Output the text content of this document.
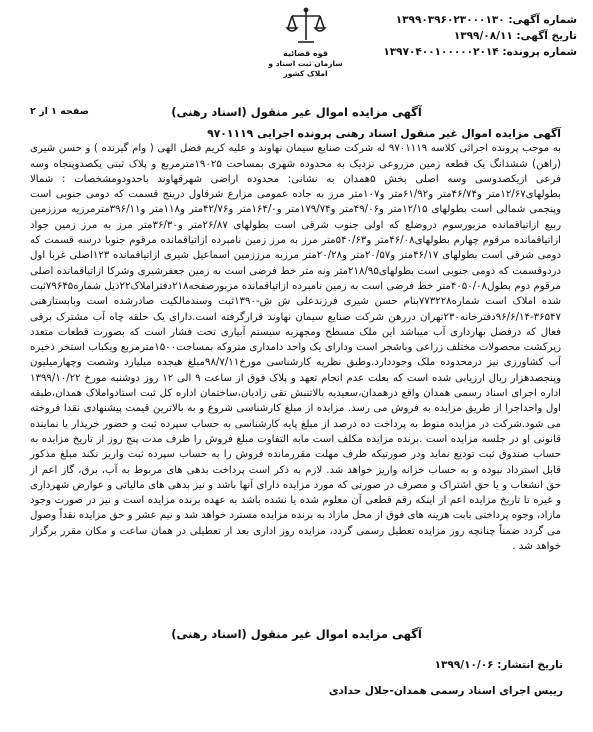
شماره آگهی: ۱۳۹۹۰۳۹۶۰۲۳۰۰۰۱۳۰
تاریخ آگهی: ۱۳۹۹/۰۸/۱۱
شماره پرونده: ۱۳۹۷۰۴۰۰۱۰۰۰۰۰۲۰۱۴
قوه قضائیه
سازمان ثبت اسناد و املاک کشور
صفحه ۱ از ۲	آگهی مزایده اموال غیر منقول (اسناد رهنی)
آگهی مزایده اموال غیر منقول اسناد رهنی پرونده اجرایی ۹۷۰۱۱۱۹

به موجب پرونده اجرائی کلاسه ۹۷۰۱۱۱۹ له شرکت صنایع سیمان نهاوند و علیه کریم فضل الهی ( وام گیرنده ) و حسن شیری (راهن) ششدانگ یک قطعه زمین مزروعی نزدیک به محدوده شهری بمساحت ۱۹۰۲۵مترمربع و پلاک ثبتی یکصدوپنجاه وسه فرعی ازیکصدوسی وسه اصلی بخش ۵همدان به نشانی: محدوده اراضی شهرقهاوند باحدودومشخصات : شمالا بطولهای۱۲/۶۷متر و۴۶/۷۴متر و۶۱/۹۲متر و۱۰۷متر مرز به جاده عمومی مزارع شرقاول درینج قسمت که دومی جنوبی است وپنجمی شمالی است بطولهای ۱۲/۱۵متر و۴۹/۰۶متر و۱۷۹/۷۴متر و۱۶۴/۰متر و۴۲/۷۶متر و۱۱۸متر و۳۹۶/۱۱مترمرزیه مرززمین ربیع ازاتیاقمانده مزبورسوم دروضلع که اولی جنوب شرقی است بطولهای ۲۶/۸۷متر و۳۶/۳۰متر مرز به مرز زمین جواد ازاتیاقمانده مرقوم چهارم بطولهای۴۶/۰۸متر و۵۴۰/۶۳متر مرز به مرز زمین نامبرده ازاتیاقمانده مرقوم جنوبا درسه قسمت که دومی شرقی است بطولهای ۴۶/۱۷متر و۲۰/۵۷متر و۲۰/۲۸متر مرزبه مرززمین اسماعیل شیری ازاتیاقمانده ۱۲۳اصلی غربا اول دردوقسمت که دومی جنوبی است بطولهای۲۱۸/۹۵متر ونه متر خط فرضی است به زمین جعفرشیری وشرکا ازاتیاقمانده اصلی مرقوم دوم بطول۴۰۵۰/۰۸متر خط فرضی است به زمین نامبرده ازاتیاقمانده مزبورصفحه۲۱۸دفتراملاک۲۲ذیل شماره۷۹۶۴۵ثبت شده املاک است شماره۷۷۳۲۲۸بنام حسن شیری فرزندعلی ش ش-۱۳۹۰ثبت وسندمالکیت صادرشده است وبابستارهنی ۳۶۵۴۷-۹۶/۶/۱۴دفترخانه۲۳۰تهران دررهن شرکت صنایع سیمان نهاوند قرارگرفته است.دارای یک حلقه چاه آب مشترک برقی فعال که درفصل بهارداری آب میباشد این ملک مسطح ومجهزبه سیستم آبیاری تحت فشار است که بصورت قطعات متعدد زیرکشت محصولات مختلف زراعی وباشجر است ودارای یک واحد دامداری متروکه بمساحت۱۵۰۰مترمربع ویکباب استخر ذخیره آب کشاورزی نیز درمحدوده ملک وجوددارد.وطبق نظریه کارشناسی مورخ۹۸/۷/۱۱مبلغ هیجده میلیارد وشصت وچهارمیلیون وپنجصدهزار ریال ارزیابی شده است که بعلت عدم انجام تعهد و پلاک فوق از ساعت ۹ الی ۱۲ روز دوشنبه مورخ ۱۳۹۹/۱۰/۲۲ اداره اجرای اسناد رسمی همدان واقع درهمدان،سعیدیه بالاتنبش تقی زادیان،ساختمان اداره کل ثبت استادواملاک همدان،طبقه اول واحداجرا از طریق مزایده به فروش می رسد. مزایده از مبلغ کارشناسی شروع و به بالاترین قیمت پیشنهادی نقدا فروخته می شود.شرکت در مزایده منوط به پرداخت ده درصد از مبلغ پایه کارشناسی به حساب سپرده ثبت و حضور خریدار یا نماینده قانونی او در جلسه مزایده است .برنده مزایده مکلف است مابه التفاوت مبلغ فروش را ظرف مدت پنج روز از تاریخ مزایده به حساب صندوق ثبت تودیع نماید ودر صورتیکه ظرف مهلت مقررمانده فروش را به حساب سپرده ثبت واریز نکند مبلغ مذکور قابل استرداد نبوده و به حساب خزانه واریز خواهد شد. لازم به ذکر است پرداخت بدهی های مربوط به آب، برق، گاز اعم از حق انشعاب و یا حق اشتراک و مصرف در صورتی که مورد مزایده دارای آنها باشد و نیز بدهی های مالیاتی و عوارض شهرداری و غیره تا تاریخ مزایده اعم از اینکه رقم قطعی آن معلوم شده یا نشده باشد به عهده برنده مزایده است و نیز در صورت وجود مازاد، وجوه پرداختی بابت هزینه های فوق از محل مازاد به برنده مزایده مسترد خواهد شد و نیم عشر و حق مزایده نقداً وصول می گردد ضمناً چنانچه روز مزایده تعطیل رسمی گردد، مزایده روز اداری بعد از تعطیلی در همان ساعت و مکان مقرر برگزار خواهد شد .

آگهی مزایده اموال غیر منقول (اسناد رهنی)
تاریخ انتشار: ۱۳۹۹/۱۰/۰۶
رییس اجرای اسناد رسمی همدان-جلال حدادی
